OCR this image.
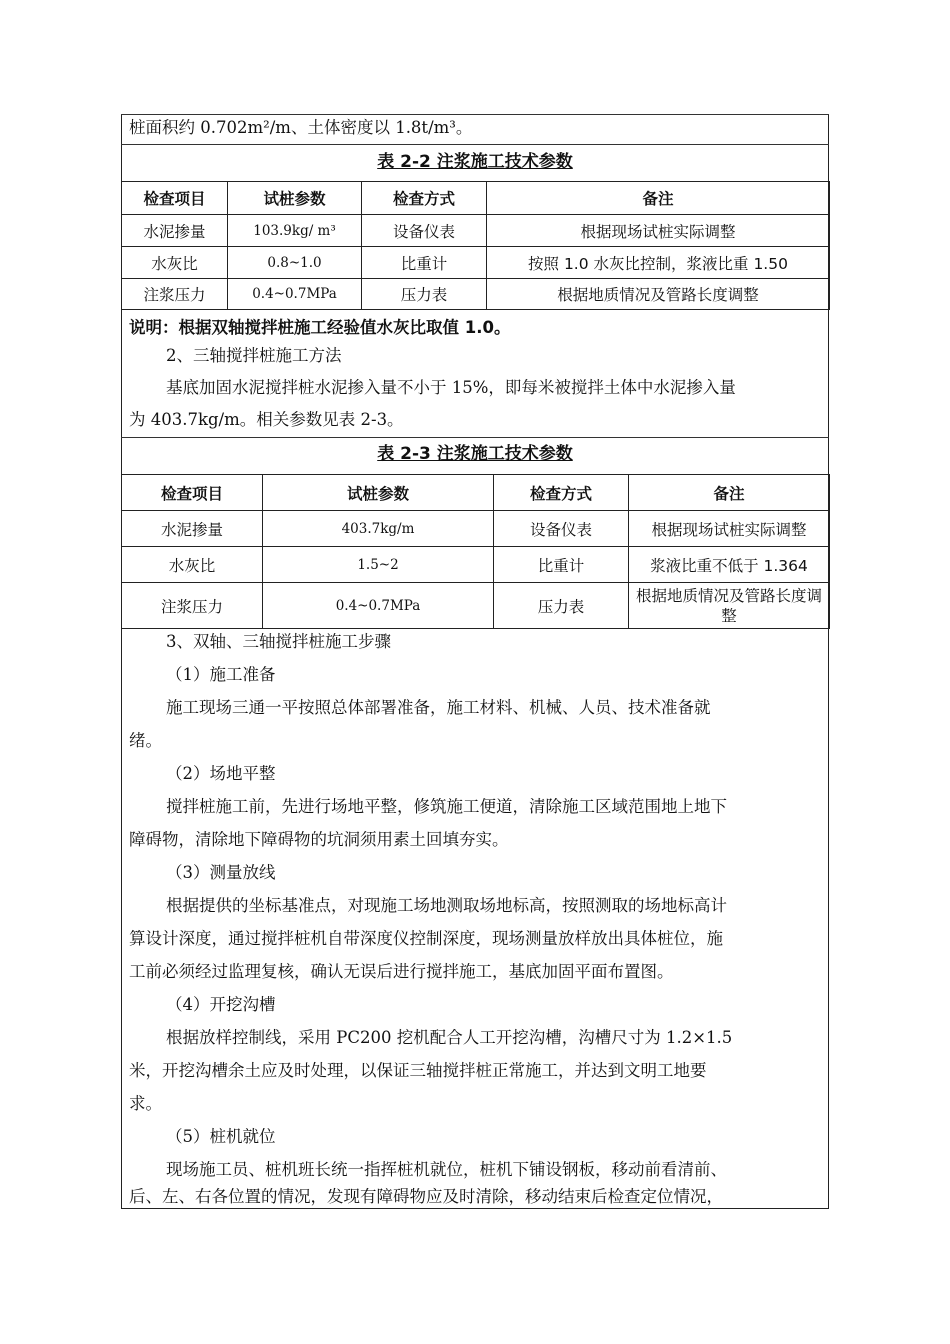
桩面积约 0.702m²/m、土体密度以 1.8t/m³。
表 2-2 注浆施工技术参数
检查项目	试桩参数	检查方式	备注
水泥掺量	103.9kg/ m³	设备仪表	根据现场试桩实际调整
水灰比	0.8~1.0	比重计	按照 1.0 水灰比控制，浆液比重 1.50
注浆压力	0.4~0.7MPa	压力表	根据地质情况及管路长度调整
说明：根据双轴搅拌桩施工经验值水灰比取值 1.0。
2、三轴搅拌桩施工方法
基底加固水泥搅拌桩水泥掺入量不小于 15%，即每米被搅拌土体中水泥掺入量
为 403.7kg/m。相关参数见表 2-3。
表 2-3 注浆施工技术参数
检查项目	试桩参数	检查方式	备注
水泥掺量	403.7kg/m	设备仪表	根据现场试桩实际调整
水灰比	1.5~2	比重计	浆液比重不低于 1.364
注浆压力	0.4~0.7MPa	压力表	根据地质情况及管路长度调整
3、双轴、三轴搅拌桩施工步骤
（1）施工准备
施工现场三通一平按照总体部署准备，施工材料、机械、人员、技术准备就
绪。
（2）场地平整
搅拌桩施工前，先进行场地平整，修筑施工便道，清除施工区域范围地上地下
障碍物，清除地下障碍物的坑洞须用素土回填夯实。
（3）测量放线
根据提供的坐标基准点，对现施工场地测取场地标高，按照测取的场地标高计
算设计深度，通过搅拌桩机自带深度仪控制深度，现场测量放样放出具体桩位，施
工前必须经过监理复核，确认无误后进行搅拌施工，基底加固平面布置图。
（4）开挖沟槽
根据放样控制线，采用 PC200 挖机配合人工开挖沟槽，沟槽尺寸为 1.2×1.5
米，开挖沟槽余土应及时处理，以保证三轴搅拌桩正常施工，并达到文明工地要
求。
（5）桩机就位
现场施工员、桩机班长统一指挥桩机就位，桩机下铺设钢板，移动前看清前、
后、左、右各位置的情况，发现有障碍物应及时清除，移动结束后检查定位情况，
